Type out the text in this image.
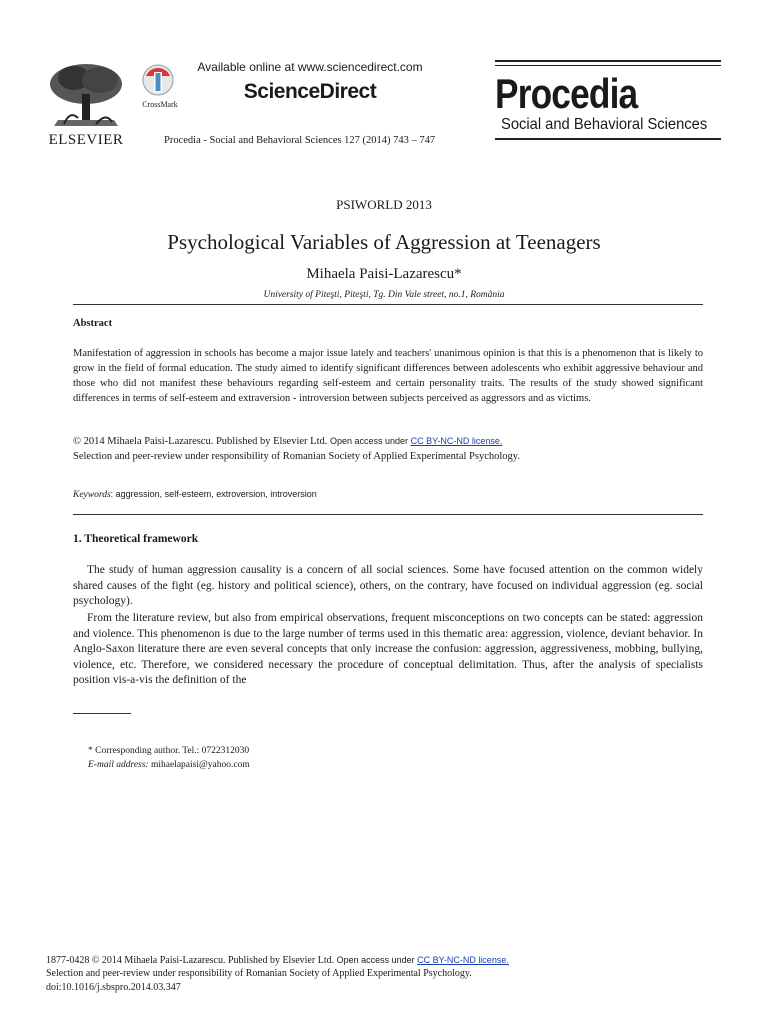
ELSEVIER
CrossMark
Available online at www.sciencedirect.com
ScienceDirect
Procedia - Social and Behavioral Sciences 127 (2014) 743 – 747
Procedia
Social and Behavioral Sciences
PSIWORLD 2013
Psychological Variables of Aggression at Teenagers
Mihaela Paisi-Lazarescu*
University of Piteşti, Piteşti, Tg. Din Vale street, no.1, România
Abstract
Manifestation of aggression in schools has become a major issue lately and teachers' unanimous opinion is that this is a phenomenon that is likely to grow in the field of formal education. The study aimed to identify significant differences between adolescents who exhibit aggressive behaviour and those who did not manifest these behaviours regarding self-esteem and certain personality traits. The results of the study showed significant differences in terms of self-esteem and extraversion - introversion between subjects perceived as aggressors and as victims.
© 2014 Mihaela Paisi-Lazarescu. Published by Elsevier Ltd. Open access under CC BY-NC-ND license.
Selection and peer-review under responsibility of Romanian Society of Applied Experimental Psychology.
Keywords: aggression, self-esteem, extroversion, introversion
1. Theoretical framework
The study of human aggression causality is a concern of all social sciences. Some have focused attention on the common widely shared causes of the fight (eg. history and political science), others, on the contrary, have focused on individual aggression (eg. social psychology).
From the literature review, but also from empirical observations, frequent misconceptions on two concepts can be stated: aggression and violence. This phenomenon is due to the large number of terms used in this thematic area: aggression, violence, deviant behavior. In Anglo-Saxon literature there are even several concepts that only increase the confusion: aggression, aggressiveness, mobbing, bullying, violence, etc. Therefore, we considered necessary the procedure of conceptual delimitation. Thus, after the analysis of specialists position vis-a-vis the definition of the
* Corresponding author. Tel.: 0722312030
E-mail address: mihaelapaisi@yahoo.com
1877-0428 © 2014 Mihaela Paisi-Lazarescu. Published by Elsevier Ltd. Open access under CC BY-NC-ND license.
Selection and peer-review under responsibility of Romanian Society of Applied Experimental Psychology.
doi:10.1016/j.sbspro.2014.03.347
